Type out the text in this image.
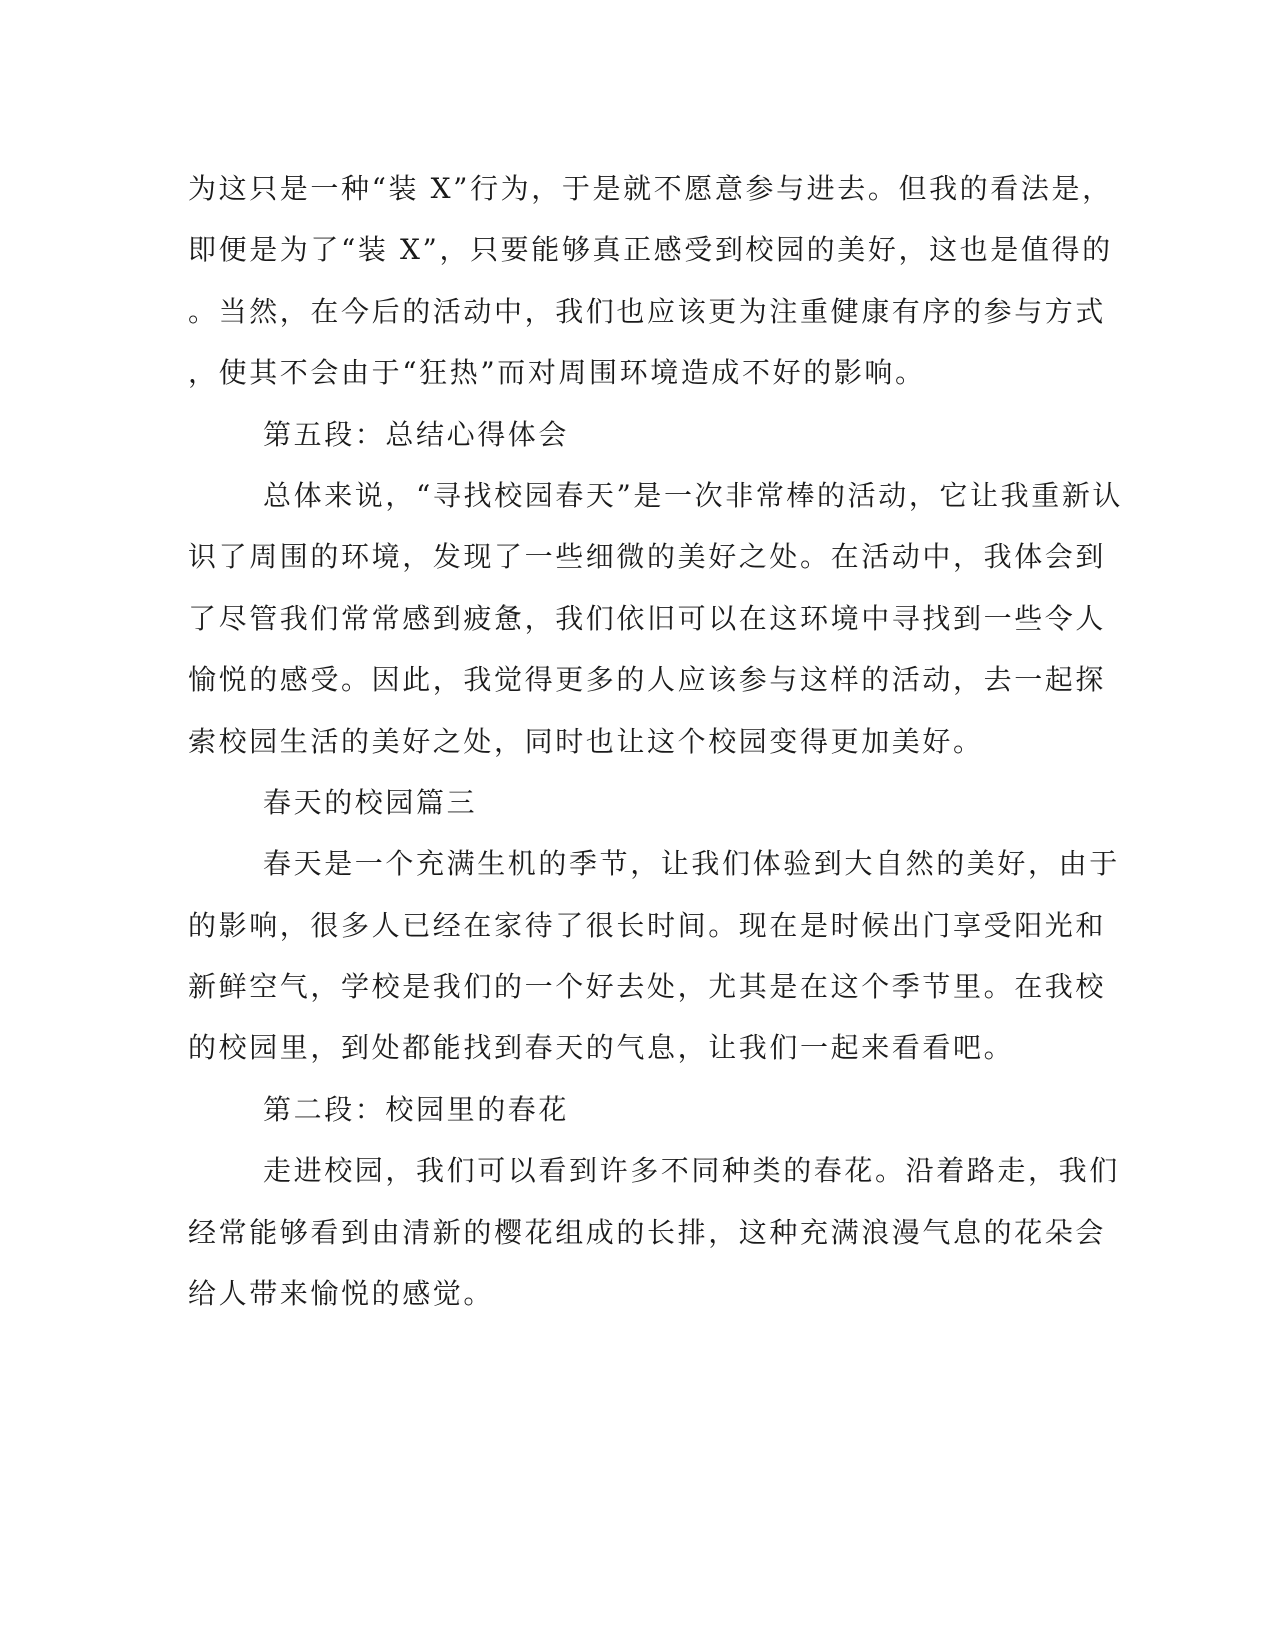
为这只是一种“装 X”行为，于是就不愿意参与进去。但我的看法是，
即便是为了“装 X”，只要能够真正感受到校园的美好，这也是值得的
。当然，在今后的活动中，我们也应该更为注重健康有序的参与方式
，使其不会由于“狂热”而对周围环境造成不好的影响。
第五段：总结心得体会
总体来说，“寻找校园春天”是一次非常棒的活动，它让我重新认
识了周围的环境，发现了一些细微的美好之处。在活动中，我体会到
了尽管我们常常感到疲惫，我们依旧可以在这环境中寻找到一些令人
愉悦的感受。因此，我觉得更多的人应该参与这样的活动，去一起探
索校园生活的美好之处，同时也让这个校园变得更加美好。
春天的校园篇三
春天是一个充满生机的季节，让我们体验到大自然的美好，由于
的影响，很多人已经在家待了很长时间。现在是时候出门享受阳光和
新鲜空气，学校是我们的一个好去处，尤其是在这个季节里。在我校
的校园里，到处都能找到春天的气息，让我们一起来看看吧。
第二段：校园里的春花
走进校园，我们可以看到许多不同种类的春花。沿着路走，我们
经常能够看到由清新的樱花组成的长排，这种充满浪漫气息的花朵会
给人带来愉悦的感觉。
